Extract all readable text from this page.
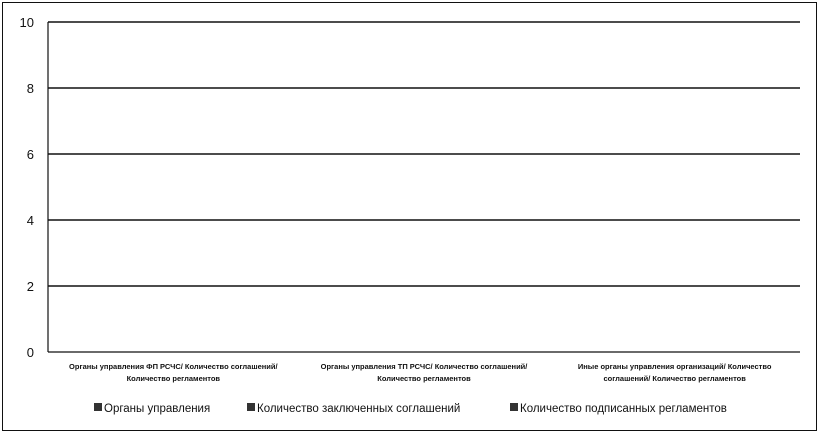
0
2
4
6
8
10
Органы управления ФП РСЧС/ Количество соглашений/
Количество регламентов
Органы управления ТП РСЧС/ Количество соглашений/
Количество регламентов
Иные органы управления организаций/ Количество
соглашений/ Количество регламентов
Органы управления	Количество заключенных соглашений	Количество подписанных регламентов
